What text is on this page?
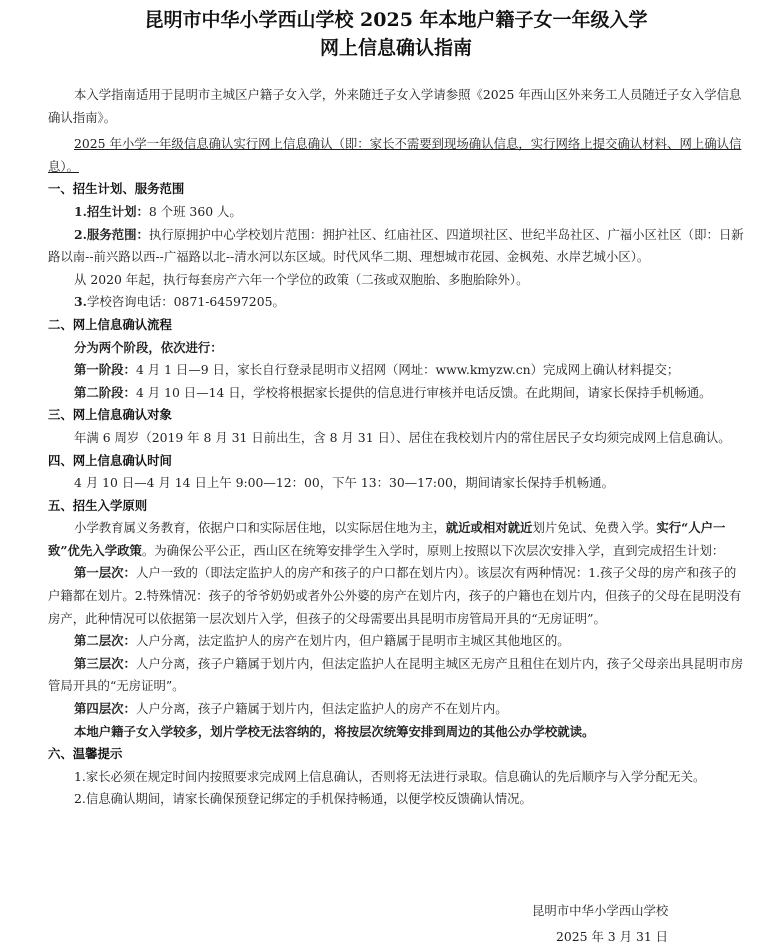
昆明市中华小学西山学校 2025 年本地户籍子女一年级入学

网上信息确认指南

本入学指南适用于昆明市主城区户籍子女入学，外来随迁子女入学请参照《2025 年西山区外来务工人员随迁子女入学信息确认指南》。

2025 年小学一年级信息确认实行网上信息确认（即：家长不需要到现场确认信息，实行网络上提交确认材料、网上确认信息）。

一、招生计划、服务范围

1.招生计划：8 个班 360 人。

2.服务范围：执行原拥护中心学校划片范围：拥护社区、红庙社区、四道坝社区、世纪半岛社区、广福小区社区（即：日新路以南--前兴路以西--广福路以北--清水河以东区域。时代风华二期、理想城市花园、金枫苑、水岸艺城小区）。

从 2020 年起，执行每套房产六年一个学位的政策（二孩或双胞胎、多胞胎除外）。

3.学校咨询电话：0871-64597205。

二、网上信息确认流程

分为两个阶段，依次进行：

第一阶段：4 月 1 日—9 日，家长自行登录昆明市义招网（网址：www.kmyzw.cn）完成网上确认材料提交；

第二阶段：4 月 10 日—14 日，学校将根据家长提供的信息进行审核并电话反馈。在此期间，请家长保持手机畅通。

三、网上信息确认对象

年满 6 周岁（2019 年 8 月 31 日前出生，含 8 月 31 日）、居住在我校划片内的常住居民子女均须完成网上信息确认。

四、网上信息确认时间

4 月 10 日—4 月 14 日上午 9:00—12：00，下午 13：30—17:00，期间请家长保持手机畅通。

五、招生入学原则

小学教育属义务教育，依据户口和实际居住地，以实际居住地为主，就近或相对就近划片免试、免费入学。实行“人户一致”优先入学政策。为确保公平公正，西山区在统筹安排学生入学时，原则上按照以下次层次安排入学，直到完成招生计划：

第一层次：人户一致的（即法定监护人的房产和孩子的户口都在划片内）。该层次有两种情况：1.孩子父母的房产和孩子的户籍都在划片。2.特殊情况：孩子的爷爷奶奶或者外公外婆的房产在划片内，孩子的户籍也在划片内，但孩子的父母在昆明没有房产，此种情况可以依据第一层次划片入学，但孩子的父母需要出具昆明市房管局开具的“无房证明”。

第二层次：人户分离，法定监护人的房产在划片内，但户籍属于昆明市主城区其他地区的。

第三层次：人户分离，孩子户籍属于划片内，但法定监护人在昆明主城区无房产且租住在划片内，孩子父母亲出具昆明市房管局开具的“无房证明”。

第四层次：人户分离，孩子户籍属于划片内，但法定监护人的房产不在划片内。

本地户籍子女入学较多，划片学校无法容纳的，将按层次统筹安排到周边的其他公办学校就读。

六、温馨提示

1.家长必须在规定时间内按照要求完成网上信息确认，否则将无法进行录取。信息确认的先后顺序与入学分配无关。

2.信息确认期间，请家长确保预登记绑定的手机保持畅通，以便学校反馈确认情况。

昆明市中华小学西山学校

2025 年 3 月 31 日
